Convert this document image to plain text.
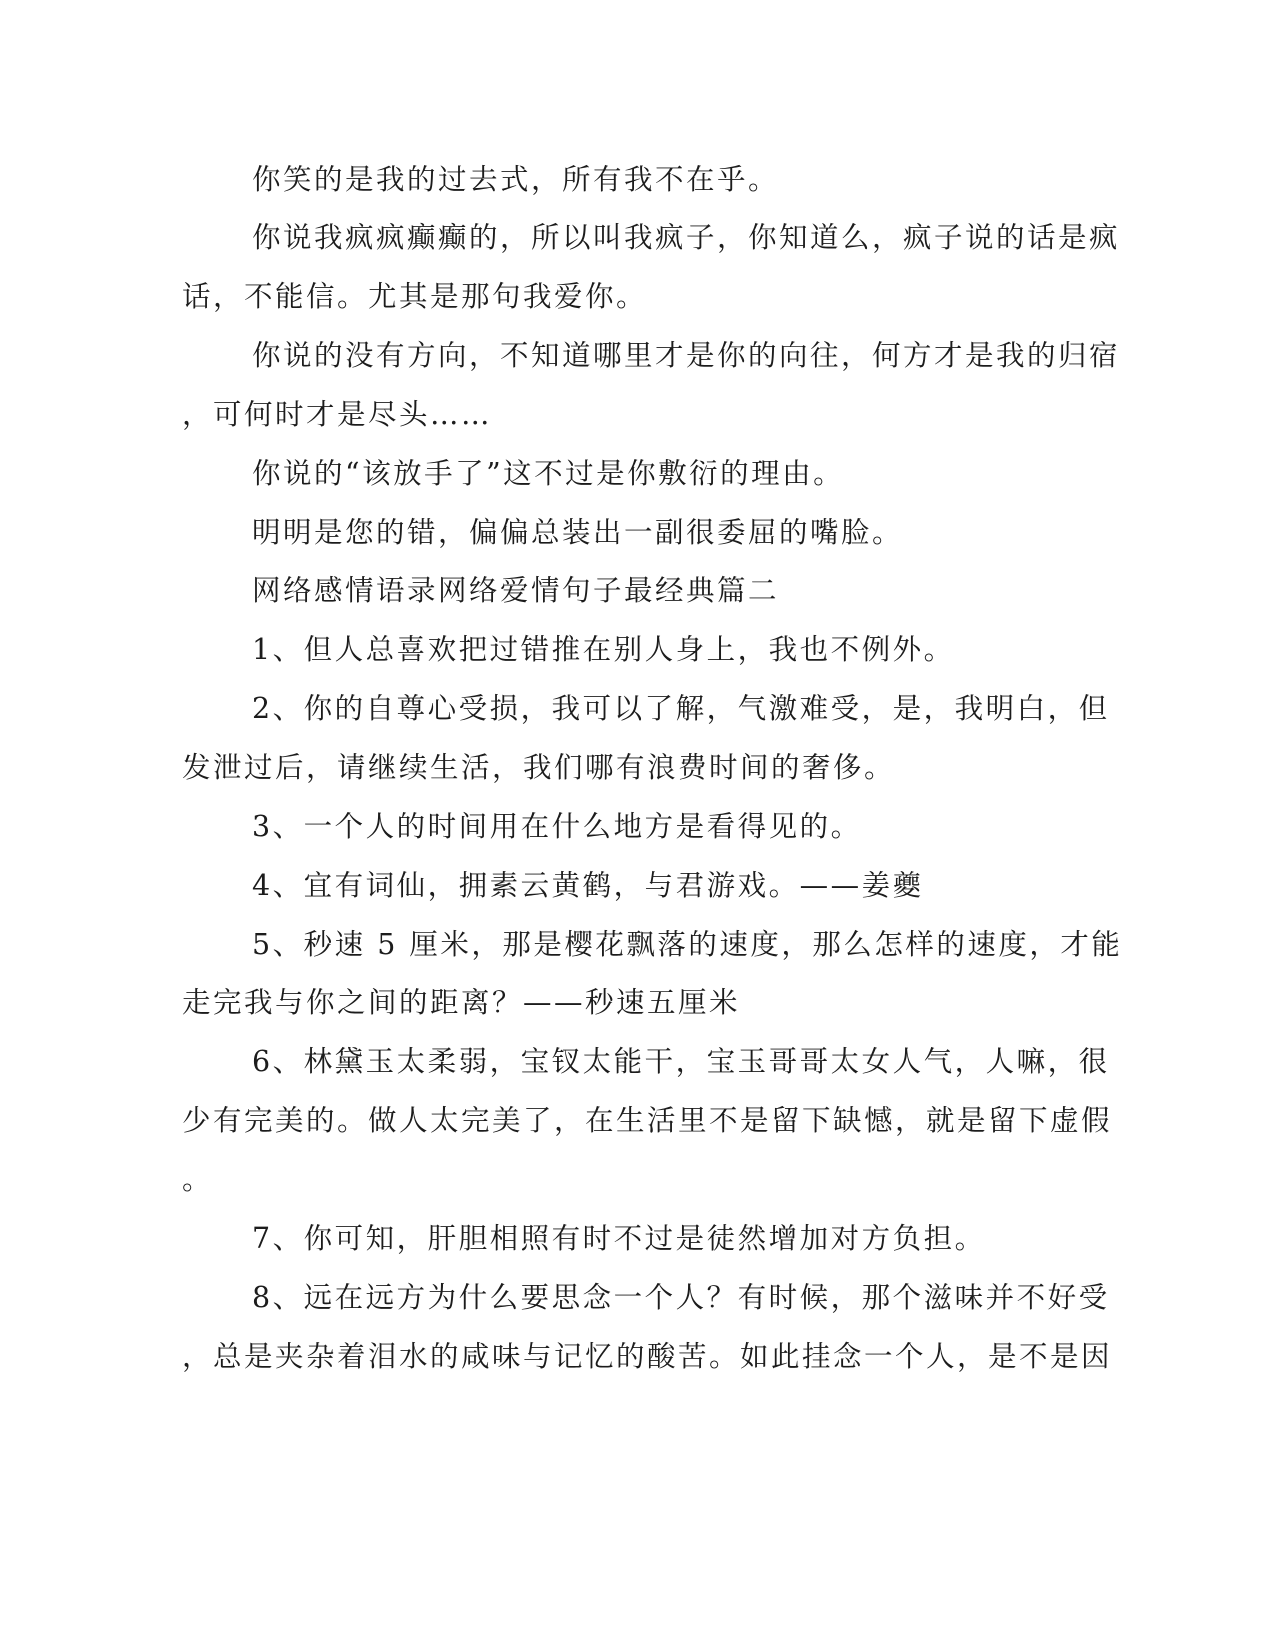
你笑的是我的过去式，所有我不在乎。

你说我疯疯癫癫的，所以叫我疯子，你知道么，疯子说的话是疯

话，不能信。尤其是那句我爱你。

你说的没有方向，不知道哪里才是你的向往，何方才是我的归宿

，可何时才是尽头……

你说的“该放手了”这不过是你敷衍的理由。

明明是您的错，偏偏总装出一副很委屈的嘴脸。

网络感情语录网络爱情句子最经典篇二

1、但人总喜欢把过错推在别人身上，我也不例外。

2、你的自尊心受损，我可以了解，气激难受，是，我明白，但

发泄过后，请继续生活，我们哪有浪费时间的奢侈。

3、一个人的时间用在什么地方是看得见的。

4、宜有词仙，拥素云黄鹤，与君游戏。——姜夔

5、秒速 5 厘米，那是樱花飘落的速度，那么怎样的速度，才能

走完我与你之间的距离？——秒速五厘米

6、林黛玉太柔弱，宝钗太能干，宝玉哥哥太女人气，人嘛，很

少有完美的。做人太完美了，在生活里不是留下缺憾，就是留下虚假

。

7、你可知，肝胆相照有时不过是徒然增加对方负担。

8、远在远方为什么要思念一个人？有时候，那个滋味并不好受

，总是夹杂着泪水的咸味与记忆的酸苦。如此挂念一个人，是不是因
